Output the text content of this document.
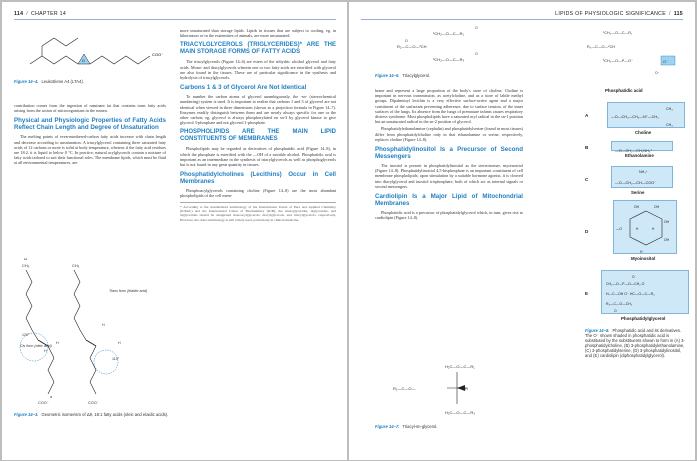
114 / CHAPTER 14
O
COO⁻
Figure 14–4. Leukotriene A4 (LTA4).

contribution comes from the ingestion of ruminant fat that contains trans fatty acids arising from the action of microorganisms in the rumen.

Physical and Physiologic Properties of Fatty Acids Reflect Chain Length and Degree of Unsaturation

The melting points of even-numbered-carbon fatty acids increase with chain length and decrease according to unsaturation. A triacylglycerol containing three saturated fatty acids of 12 carbons or more is solid at body temperature, whereas if the fatty acid residues are 18:2, it is liquid to below 0 °C. In practice, natural acylglycerols contain a mixture of fatty acids tailored to suit their functional roles. The membrane lipids, which must be fluid at all environmental temperatures, are

ω
CH₃	CH₃
120°
110°
Cis form (oleic acid)
Trans form (elaidic acid)
H
H
H
H
COO⁻	COO⁻
α
Figure 14–3. Geometric isomerism of Δ9, 18:1 fatty acids (oleic and elaidic acids).

more unsaturated than storage lipids. Lipids in tissues that are subject to cooling, eg, in hibernators or in the extremities of animals, are more unsaturated.

TRIACYLGLYCEROLS (TRIGLYCERIDES)* ARE THE MAIN STORAGE FORMS OF FATTY ACIDS

The triacylglycerols (Figure 14–6) are esters of the trihydric alcohol glycerol and fatty acids. Mono- and diacylglycerols wherein one or two fatty acids are esterified with glycerol are also found in the tissues. These are of particular significance in the synthesis and hydrolysis of triacylglycerols.

Carbons 1 & 3 of Glycerol Are Not Identical

To number the carbon atoms of glycerol unambiguously, the -sn- (stereochemical numbering) system is used. It is important to realize that carbons 1 and 3 of glycerol are not identical when viewed in three dimensions (shown as a projection formula in Figure 14–7). Enzymes readily distinguish between them and are nearly always specific for one or the other carbon; eg, glycerol is always phosphorylated on sn-3 by glycerol kinase to give glycerol 3-phosphate and not glycerol 1-phosphate.

PHOSPHOLIPIDS ARE THE MAIN LIPID CONSTITUENTS OF MEMBRANES

Phospholipids may be regarded as derivatives of phosphatidic acid (Figure 14–8), in which the phosphate is esterified with the —OH of a suitable alcohol. Phosphatidic acid is important as an intermediate in the synthesis of triacylglycerols as well as phosphoglycerols but is not found in any great quantity in tissues.

Phosphatidylcholines (Lecithins) Occur in Cell Membranes

Phosphoacylglycerols containing choline (Figure 14–8) are the most abundant phospholipids of the cell mem-

* According to the standardized terminology of the International Union of Pure and Applied Chemistry (IUPAC) and the International Union of Biochemistry (IUB), the monoglycerides, diglycerides, and triglycerides should be designated monoacylglycerols, diacylglycerols, and triacylglycerols, respectively. However, the older terminology is still widely used, particularly in clinical medicine.
LIPIDS OF PHYSIOLOGIC SIGNIFICANCE / 115
¹CH₂—O—C—R₁
R₂—C—O—²CH
³CH₂—O—C—R₃
O
O
O
Figure 14–6. Triacylglycerol.

brane and represent a large proportion of the body's store of choline. Choline is important in nervous transmission, as acetylcholine, and as a store of labile methyl groups. Dipalmitoyl lecithin is a very effective surface-active agent and a major constituent of the surfactant preventing adherence, due to surface tension, of the inner surfaces of the lungs. Its absence from the lungs of premature infants causes respiratory distress syndrome. Most phospholipids have a saturated acyl radical in the sn-1 position but an unsaturated radical in the sn-2 position of glycerol.

Phosphatidylethanolamine (cephalin) and phosphatidylserine (found in most tissues) differ from phosphatidylcholine only in that ethanolamine or serine, respectively, replaces choline (Figure 14–8).

Phosphatidylinositol Is a Precursor of Second Messengers

The inositol is present in phosphatidylinositol as the stereoisomer, myoinositol (Figure 14–8). Phosphatidylinositol 4,5-bisphosphate is an important constituent of cell membrane phospholipids; upon stimulation by a suitable hormone agonist, it is cleaved into diacylglycerol and inositol trisphosphate, both of which act as internal signals or second messengers.

Cardiolipin Is a Major Lipid of Mitochondrial Membranes

Phosphatidic acid is a precursor of phosphatidylglycerol which, in turn, gives rise to cardiolipin (Figure 14–8).

H₂C—O—C—R₁
R₂—C—O—
H₂C—O—C—R₃
H
Figure 14–7. Triacyl-sn-glycerol.
¹CH₂—O—C—R₁
R₂—C—O—²CH
³CH₂—O—P—O⁻	O⁻
O⁻
Phosphatidic acid
A	—O—CH₂—CH₂—N⁺—CH₃
CH₃
CH₃
Choline
B
—O—CH₂—CH₂NH₃⁺
Ethanolamine
C
NH₃⁺
—O—CH₂—CH—COO⁻
Serine
D
OH	OH
OH
OH
—O
H
H	H
Myoinositol
E
O
CH₂—O—P—O—CH₂ O
H—C—OH O⁻ HC—O—C—R₄
R₃—C—O—CH₂
O
Phosphatidylglycerol
Figure 14–8. Phosphatidic acid and its derivatives. The O⁻ shown shaded in phosphatidic acid is substituted by the substituents shown to form in (A) 3-phosphatidylcholine, (B) 3-phosphatidylethanolamine, (C) 3-phosphatidylserine, (D) 3-phosphatidylinositol, and (E) cardiolipin (diphosphatidylglycerol).
